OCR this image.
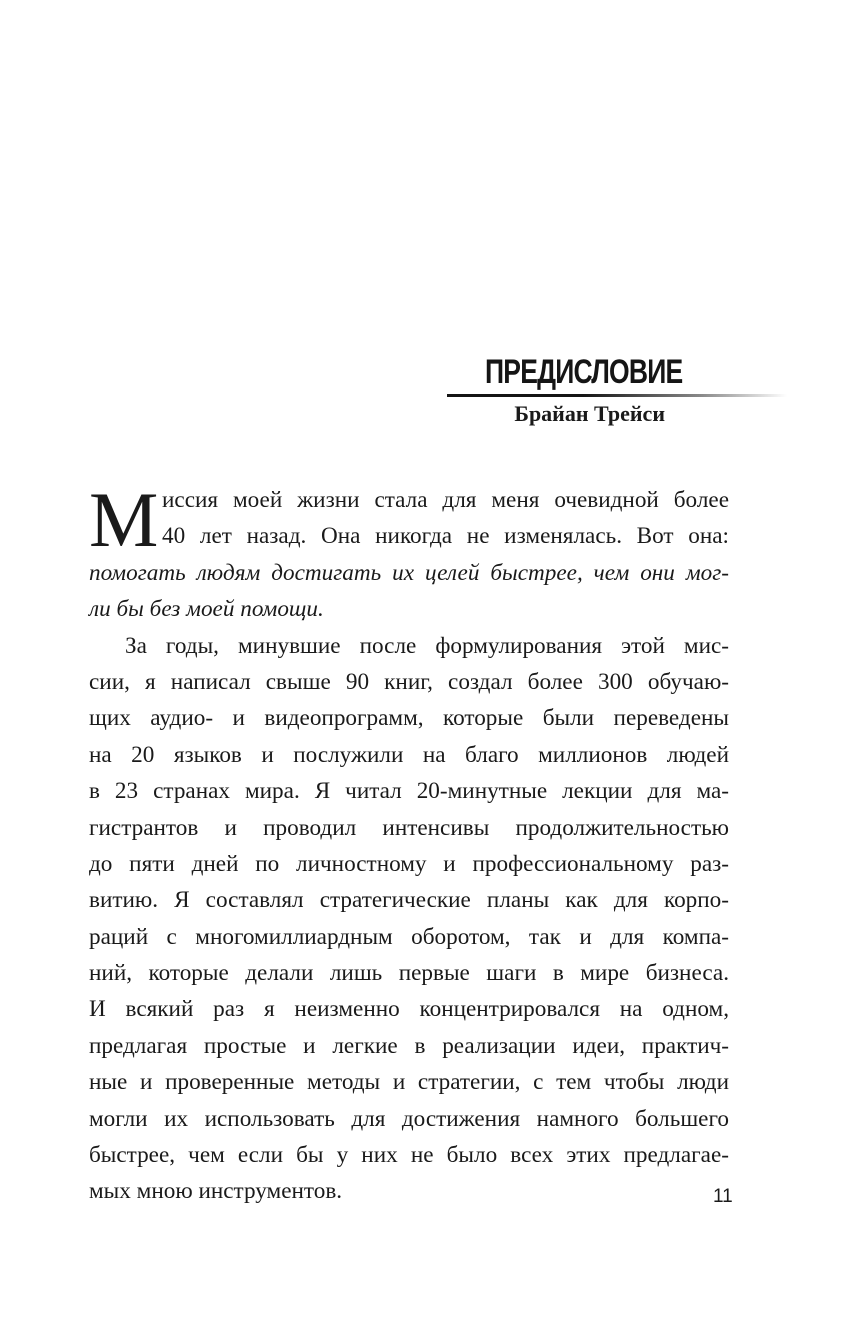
ПРЕДИСЛОВИЕ
Брайан Трейси
М иссия моей жизни стала для меня очевидной более
40 лет назад. Она никогда не изменялась. Вот она:
помогать людям достигать их целей быстрее, чем они мог-
ли бы без моей помощи.
За годы, минувшие после формулирования этой мис-
сии, я написал свыше 90 книг, создал более 300 обучаю-
щих аудио- и видеопрограмм, которые были переведены
на 20 языков и послужили на благо миллионов людей
в 23 странах мира. Я читал 20-минутные лекции для ма-
гистрантов и проводил интенсивы продолжительностью
до пяти дней по личностному и профессиональному раз-
витию. Я составлял стратегические планы как для корпо-
раций с многомиллиардным оборотом, так и для компа-
ний, которые делали лишь первые шаги в мире бизнеса.
И всякий раз я неизменно концентрировался на одном,
предлагая простые и легкие в реализации идеи, практич-
ные и проверенные методы и стратегии, с тем чтобы люди
могли их использовать для достижения намного большего
быстрее, чем если бы у них не было всех этих предлагае-
мых мною инструментов.	11
